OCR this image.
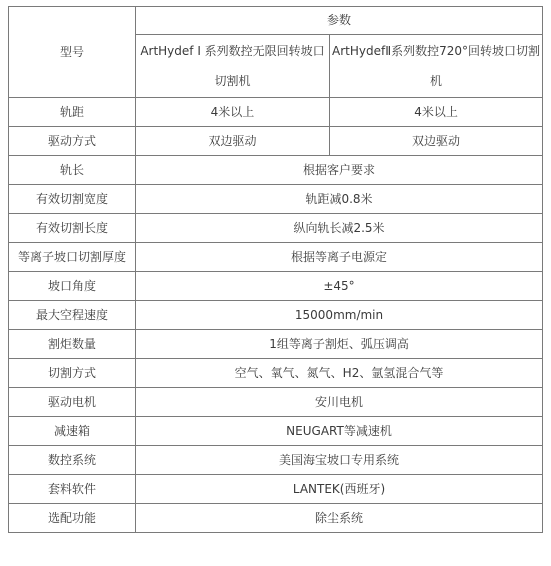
型号	参数	

	ArtHydef I 系列数控无限回转坡口切割机	ArtHydefⅡ系列数控720°回转坡口切割机

轨距	4米以上	4米以上
驱动方式	双边驱动	双边驱动
轨长	根据客户要求	
有效切割宽度	轨距减0.8米	
有效切割长度	纵向轨长减2.5米	
等离子坡口切割厚度	根据等离子电源定	
坡口角度	±45°	
最大空程速度	15000mm/min	
割炬数量	1组等离子割炬、弧压调高	
切割方式	空气、氧气、氮气、H2、氩氢混合气等	
驱动电机	安川电机	
减速箱	NEUGART等减速机	
数控系统	美国海宝坡口专用系统	
套料软件	LANTEK(西班牙)	
选配功能	除尘系统	
